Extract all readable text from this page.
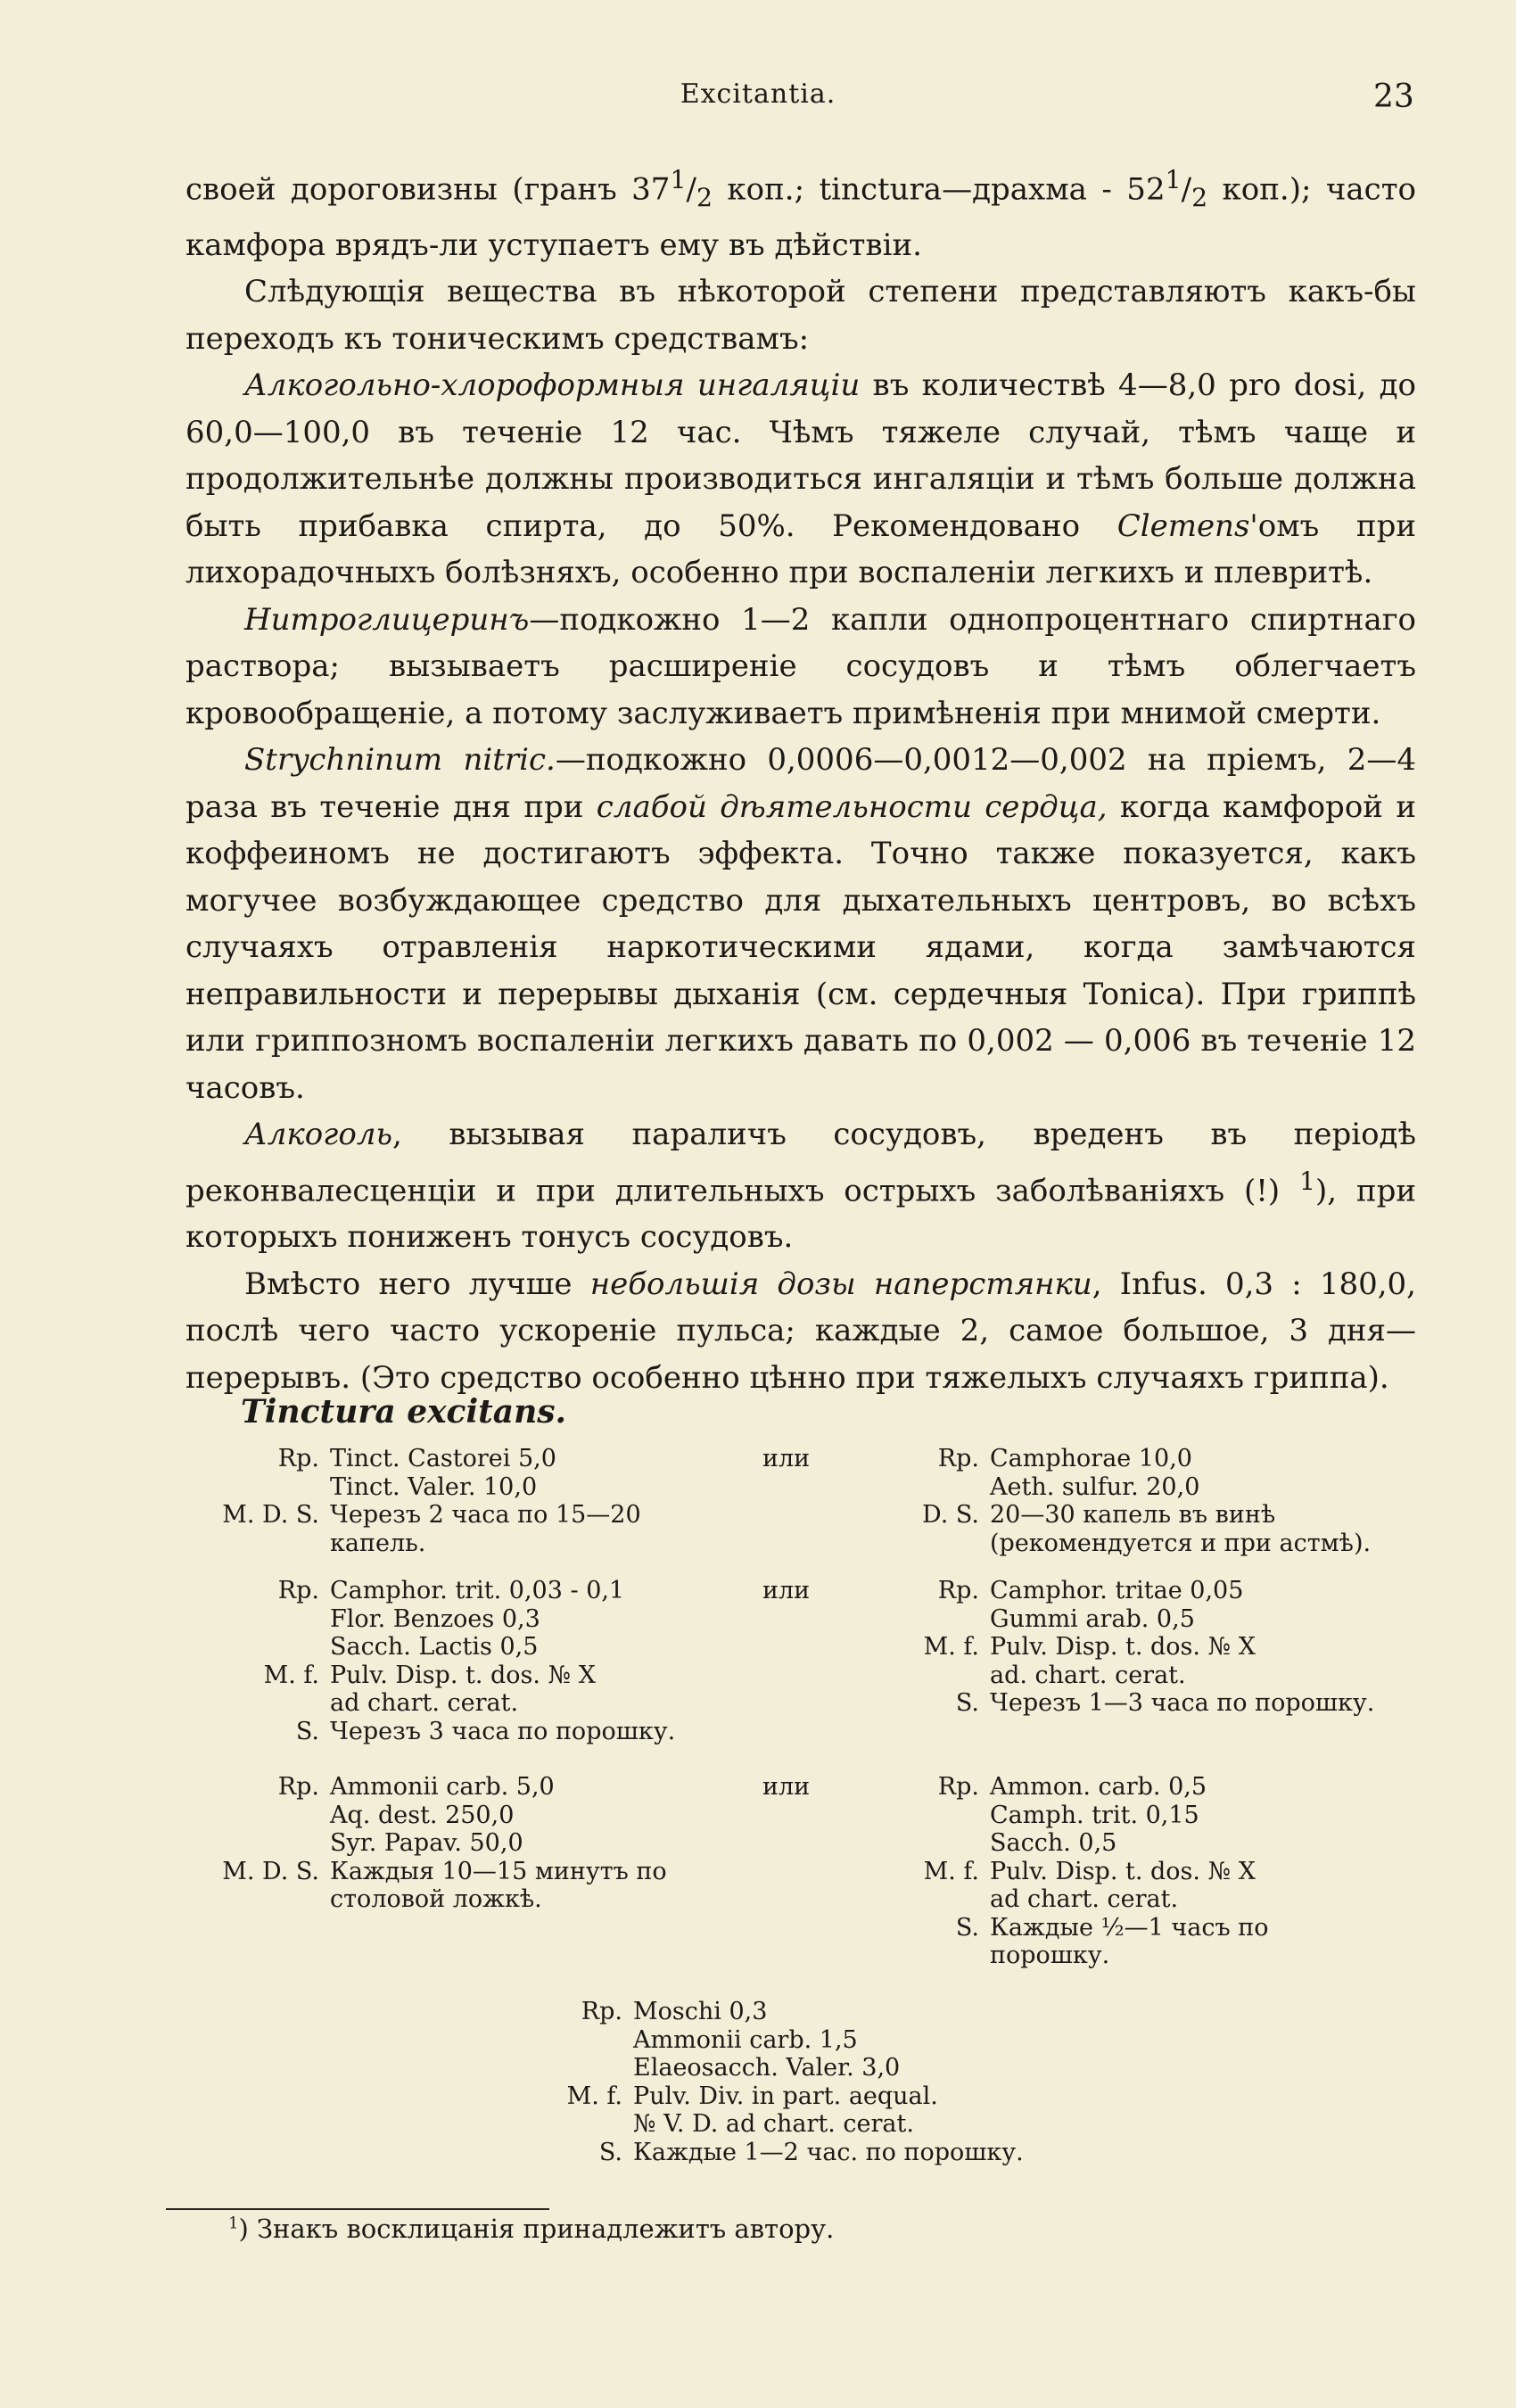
Excitantia.	23

своей дороговизны (гранъ $37^1/_2$ коп.; tinctura—драхма - $52^1/_2$ коп.); часто камфора врядъ-ли уступаетъ ему въ дѣйствіи.

Слѣдующія вещества въ нѣкоторой степени представляютъ какъ-бы переходъ къ тоническимъ средствамъ:

Алкогольно-хлороформныя ингаляціи въ количествѣ 4—8,0 pro dosi, до 60,0—100,0 въ теченіе 12 час. Чѣмъ тяжеле случай, тѣмъ чаще и продолжительнѣе должны производиться ингаляціи и тѣмъ больше должна быть прибавка спирта, до 50%. Рекомендовано Clemens'омъ при лихорадочныхъ болѣзняхъ, особенно при воспаленіи легкихъ и плевритѣ.

Нитроглицеринъ—подкожно 1—2 капли однопроцентнаго спиртнаго раствора; вызываетъ расширеніе сосудовъ и тѣмъ облегчаетъ кровообращеніе, а потому заслуживаетъ примѣненія при мнимой смерти.

Strychninum nitric.—подкожно 0,0006—0,0012—0,002 на пріемъ, 2—4 раза въ теченіе дня при слабой дѣятельности сердца, когда камфорой и коффеиномъ не достигаютъ эффекта. Точно также показуется, какъ могучее возбуждающее средство для дыхательныхъ центровъ, во всѣхъ случаяхъ отравленія наркотическими ядами, когда замѣчаются неправильности и перерывы дыханія (см. сердечныя Tonica). При гриппѣ или гриппозномъ воспаленіи легкихъ давать по 0,002 — 0,006 въ теченіе 12 часовъ.

Алкоголь, вызывая параличъ сосудовъ, вреденъ въ періодѣ реконвалесценціи и при длительныхъ острыхъ заболѣваніяхъ (!) $^1$), при которыхъ пониженъ тонусъ сосудовъ.

Вмѣсто него лучше небольшія дозы наперстянки, Infus. 0,3 : 180,0, послѣ чего часто ускореніе пульса; каждые 2, самое большое, 3 дня—перерывъ. (Это средство особенно цѣнно при тяжелыхъ случаяхъ гриппа).

Tinctura excitans.
Rp. Tinct. Castorei 5,0
Tinct. Valer. 10,0
M. D. S. Черезъ 2 часа по 15—20
капель.
Rp. Camphor. trit. 0,03 - 0,1
Flor. Benzoes 0,3
Sacch. Lactis 0,5
M. f. Pulv. Disp. t. dos. № X
ad chart. cerat.
S. Черезъ 3 часа по порошку.
Rp. Ammonii carb. 5,0
Aq. dest. 250,0
Syr. Papav. 50,0
M. D. S. Каждыя 10—15 минутъ по
столовой ложкѣ.
Rp. Camphorae 10,0
Aeth. sulfur. 20,0
D. S. 20—30 капель въ винѣ
(рекомендуется и при астмѣ).
Rp. Camphor. tritae 0,05
Gummi arab. 0,5
M. f. Pulv. Disp. t. dos. № X
ad. chart. cerat.
S. Черезъ 1—3 часа по порошку.
Rp. Ammon. carb. 0,5
Camph. trit. 0,15
Sacch. 0,5
M. f. Pulv. Disp. t. dos. № X
ad chart. cerat.
S. Каждые ½—1 часъ по
порошку.
Rp. Moschi 0,3
Ammonii carb. 1,5
Elaeosacch. Valer. 3,0
M. f. Pulv. Div. in part. aequal.
№ V. D. ad chart. cerat.
S. Каждые 1—2 час. по порошку.
или
или
или
$^1$) Знакъ восклицанія принадлежитъ автору.
